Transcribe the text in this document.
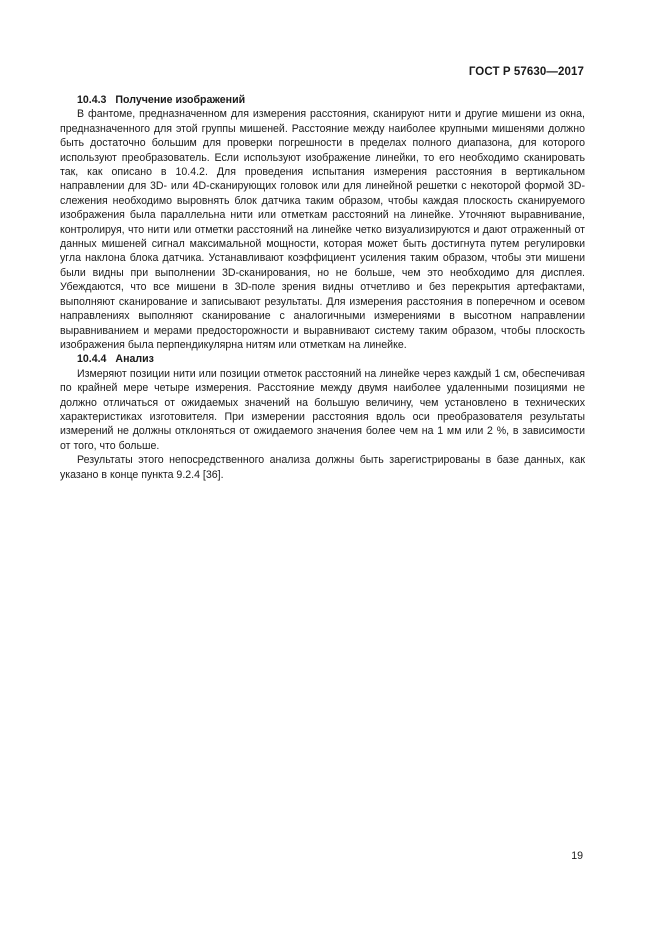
ГОСТ Р 57630—2017

10.4.3 Получение изображений

В фантоме, предназначенном для измерения расстояния, сканируют нити и другие мишени из окна, предназначенного для этой группы мишеней. Расстояние между наиболее крупными мишенями должно быть достаточно большим для проверки погрешности в пределах полного диапазона, для которого используют преобразователь. Если используют изображение линейки, то его необходимо сканировать так, как описано в 10.4.2. Для проведения испытания измерения расстояния в вертикальном направлении для 3D- или 4D-сканирующих головок или для линейной решетки с некоторой формой 3D-слежения необходимо выровнять блок датчика таким образом, чтобы каждая плоскость сканируемого изображения была параллельна нити или отметкам расстояний на линейке. Уточняют выравнивание, контролируя, что нити или отметки расстояний на линейке четко визуализируются и дают отраженный от данных мишеней сигнал максимальной мощности, которая может быть достигнута путем регулировки угла наклона блока датчика. Устанавливают коэффициент усиления таким образом, чтобы эти мишени были видны при выполнении 3D-сканирования, но не больше, чем это необходимо для дисплея. Убеждаются, что все мишени в 3D-поле зрения видны отчетливо и без перекрытия артефактами, выполняют сканирование и записывают результаты. Для измерения расстояния в поперечном и осевом направлениях выполняют сканирование с аналогичными измерениями в высотном направлении выравниванием и мерами предосторожности и выравнивают систему таким образом, чтобы плоскость изображения была перпендикулярна нитям или отметкам на линейке.

10.4.4 Анализ

Измеряют позиции нити или позиции отметок расстояний на линейке через каждый 1 см, обеспечивая по крайней мере четыре измерения. Расстояние между двумя наиболее удаленными позициями не должно отличаться от ожидаемых значений на большую величину, чем установлено в технических характеристиках изготовителя. При измерении расстояния вдоль оси преобразователя результаты измерений не должны отклоняться от ожидаемого значения более чем на 1 мм или 2 %, в зависимости от того, что больше.

Результаты этого непосредственного анализа должны быть зарегистрированы в базе данных, как указано в конце пункта 9.2.4 [36].

19
